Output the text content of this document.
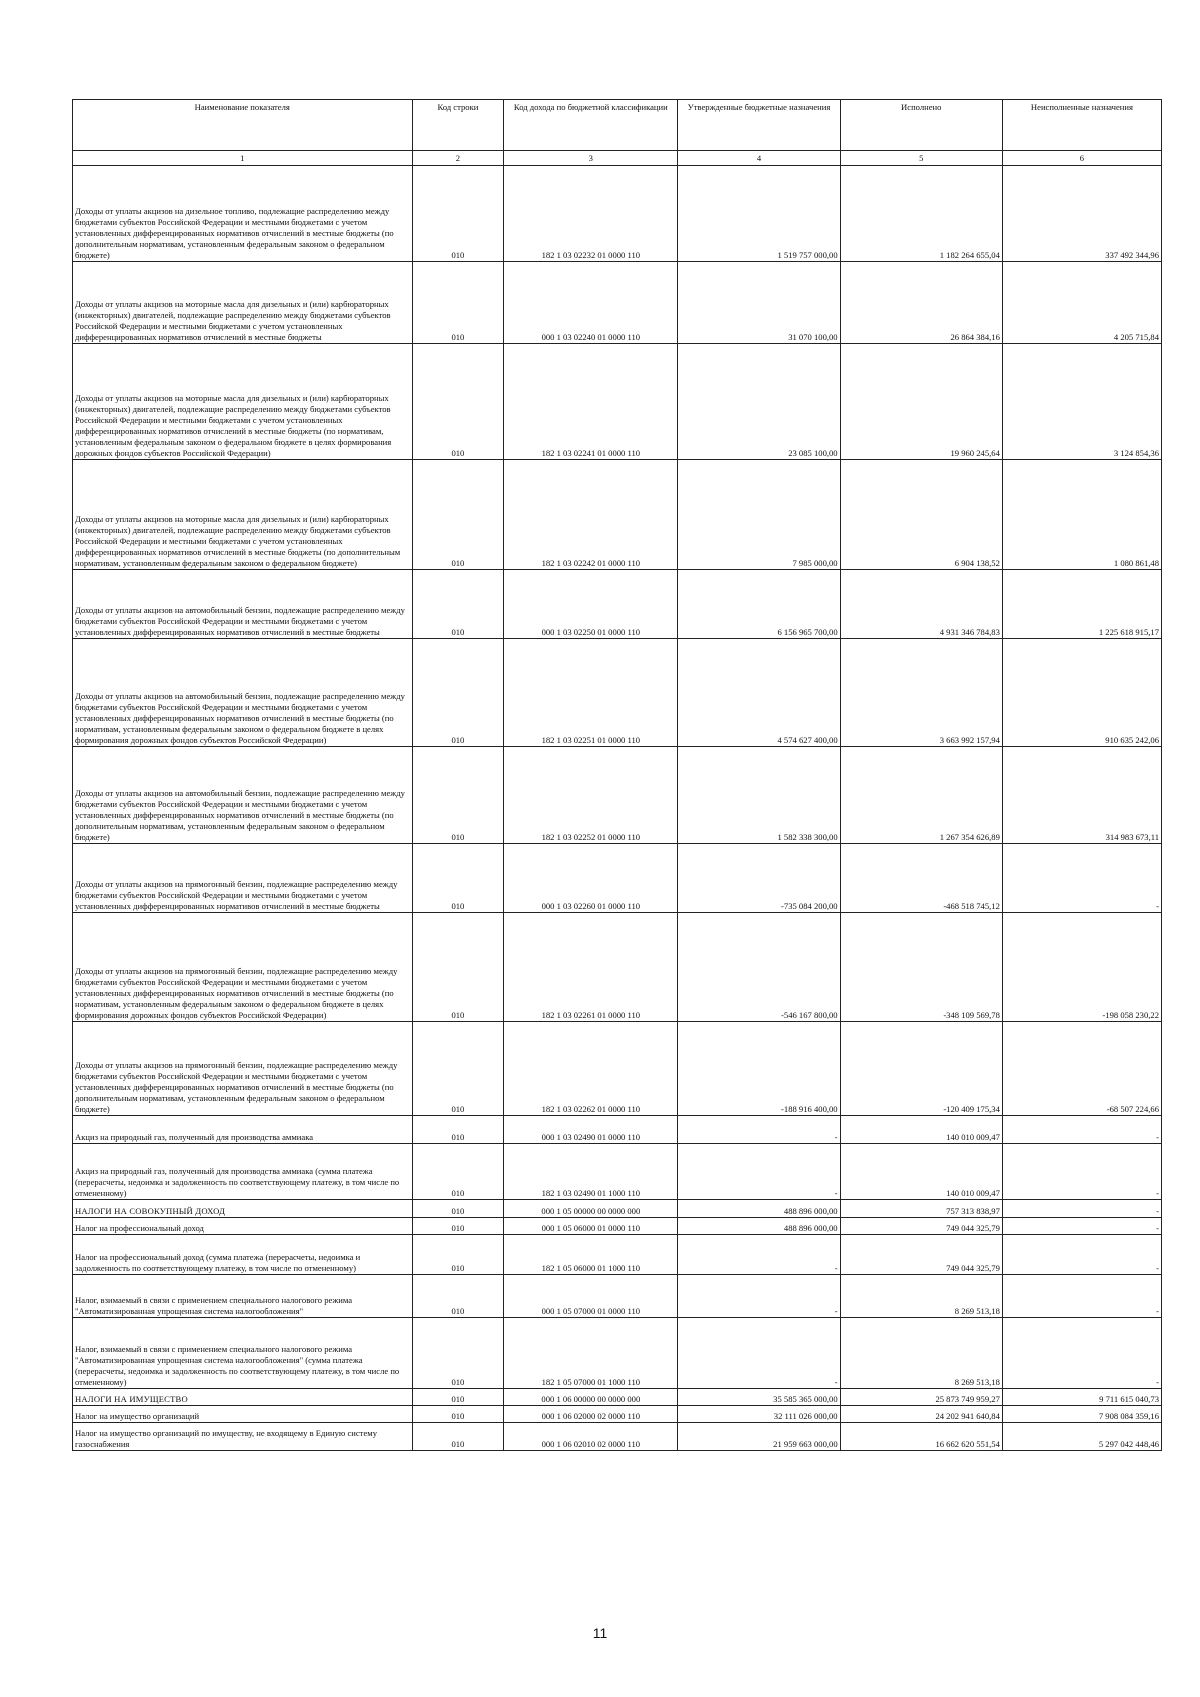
Наименование показателя	Код строки	Код дохода по бюджетной классификации	Утвержденные бюджетные назначения	Исполнено	Неисполненные назначения
1	2	3	4	5	6
Доходы от уплаты акцизов на дизельное топливо, подлежащие распределению между бюджетами субъектов Российской Федерации и местными бюджетами с учетом установленных дифференцированных нормативов отчислений в местные бюджеты (по дополнительным нормативам, установленным федеральным законом о федеральном бюджете)	010	182 1 03 02232 01 0000 110	1 519 757 000,00	1 182 264 655,04	337 492 344,96
Доходы от уплаты акцизов на моторные масла для дизельных и (или) карбюраторных (инжекторных) двигателей, подлежащие распределению между бюджетами субъектов Российской Федерации и местными бюджетами с учетом установленных дифференцированных нормативов отчислений в местные бюджеты	010	000 1 03 02240 01 0000 110	31 070 100,00	26 864 384,16	4 205 715,84
Доходы от уплаты акцизов на моторные масла для дизельных и (или) карбюраторных (инжекторных) двигателей, подлежащие распределению между бюджетами субъектов Российской Федерации и местными бюджетами с учетом установленных дифференцированных нормативов отчислений в местные бюджеты (по нормативам, установленным федеральным законом о федеральном бюджете в целях формирования дорожных фондов субъектов Российской Федерации)	010	182 1 03 02241 01 0000 110	23 085 100,00	19 960 245,64	3 124 854,36
Доходы от уплаты акцизов на моторные масла для дизельных и (или) карбюраторных (инжекторных) двигателей, подлежащие распределению между бюджетами субъектов Российской Федерации и местными бюджетами с учетом установленных дифференцированных нормативов отчислений в местные бюджеты (по дополнительным нормативам, установленным федеральным законом о федеральном бюджете)	010	182 1 03 02242 01 0000 110	7 985 000,00	6 904 138,52	1 080 861,48
Доходы от уплаты акцизов на автомобильный бензин, подлежащие распределению между бюджетами субъектов Российской Федерации и местными бюджетами с учетом установленных дифференцированных нормативов отчислений в местные бюджеты	010	000 1 03 02250 01 0000 110	6 156 965 700,00	4 931 346 784,83	1 225 618 915,17
Доходы от уплаты акцизов на автомобильный бензин, подлежащие распределению между бюджетами субъектов Российской Федерации и местными бюджетами с учетом установленных дифференцированных нормативов отчислений в местные бюджеты (по нормативам, установленным федеральным законом о федеральном бюджете в целях формирования дорожных фондов субъектов Российской Федерации)	010	182 1 03 02251 01 0000 110	4 574 627 400,00	3 663 992 157,94	910 635 242,06
Доходы от уплаты акцизов на автомобильный бензин, подлежащие распределению между бюджетами субъектов Российской Федерации и местными бюджетами с учетом установленных дифференцированных нормативов отчислений в местные бюджеты (по дополнительным нормативам, установленным федеральным законом о федеральном бюджете)	010	182 1 03 02252 01 0000 110	1 582 338 300,00	1 267 354 626,89	314 983 673,11
Доходы от уплаты акцизов на прямогонный бензин, подлежащие распределению между бюджетами субъектов Российской Федерации и местными бюджетами с учетом установленных дифференцированных нормативов отчислений в местные бюджеты	010	000 1 03 02260 01 0000 110	-735 084 200,00	-468 518 745,12	-
Доходы от уплаты акцизов на прямогонный бензин, подлежащие распределению между бюджетами субъектов Российской Федерации и местными бюджетами с учетом установленных дифференцированных нормативов отчислений в местные бюджеты (по нормативам, установленным федеральным законом о федеральном бюджете в целях формирования дорожных фондов субъектов Российской Федерации)	010	182 1 03 02261 01 0000 110	-546 167 800,00	-348 109 569,78	-198 058 230,22
Доходы от уплаты акцизов на прямогонный бензин, подлежащие распределению между бюджетами субъектов Российской Федерации и местными бюджетами с учетом установленных дифференцированных нормативов отчислений в местные бюджеты (по дополнительным нормативам, установленным федеральным законом о федеральном бюджете)	010	182 1 03 02262 01 0000 110	-188 916 400,00	-120 409 175,34	-68 507 224,66
Акциз на природный газ, полученный для производства аммиака	010	000 1 03 02490 01 0000 110	-	140 010 009,47	-
Акциз на природный газ, полученный для производства аммиака (сумма платежа (перерасчеты, недоимка и задолженность по соответствующему платежу, в том числе по отмененному)	010	182 1 03 02490 01 1000 110	-	140 010 009,47	-
НАЛОГИ НА СОВОКУПНЫЙ ДОХОД	010	000 1 05 00000 00 0000 000	488 896 000,00	757 313 838,97	-
Налог на профессиональный доход	010	000 1 05 06000 01 0000 110	488 896 000,00	749 044 325,79	-
Налог на профессиональный доход (сумма платежа (перерасчеты, недоимка и задолженность по соответствующему платежу, в том числе по отмененному)	010	182 1 05 06000 01 1000 110	-	749 044 325,79	-
Налог, взимаемый в связи с применением специального налогового режима "Автоматизированная упрощенная система налогообложения"	010	000 1 05 07000 01 0000 110	-	8 269 513,18	-
Налог, взимаемый в связи с применением специального налогового режима "Автоматизированная упрощенная система налогообложения" (сумма платежа (перерасчеты, недоимка и задолженность по соответствующему платежу, в том числе по отмененному)	010	182 1 05 07000 01 1000 110	-	8 269 513,18	-
НАЛОГИ НА ИМУЩЕСТВО	010	000 1 06 00000 00 0000 000	35 585 365 000,00	25 873 749 959,27	9 711 615 040,73
Налог на имущество организаций	010	000 1 06 02000 02 0000 110	32 111 026 000,00	24 202 941 640,84	7 908 084 359,16
Налог на имущество организаций по имуществу, не входящему в Единую систему газоснабжения	010	000 1 06 02010 02 0000 110	21 959 663 000,00	16 662 620 551,54	5 297 042 448,46
11
